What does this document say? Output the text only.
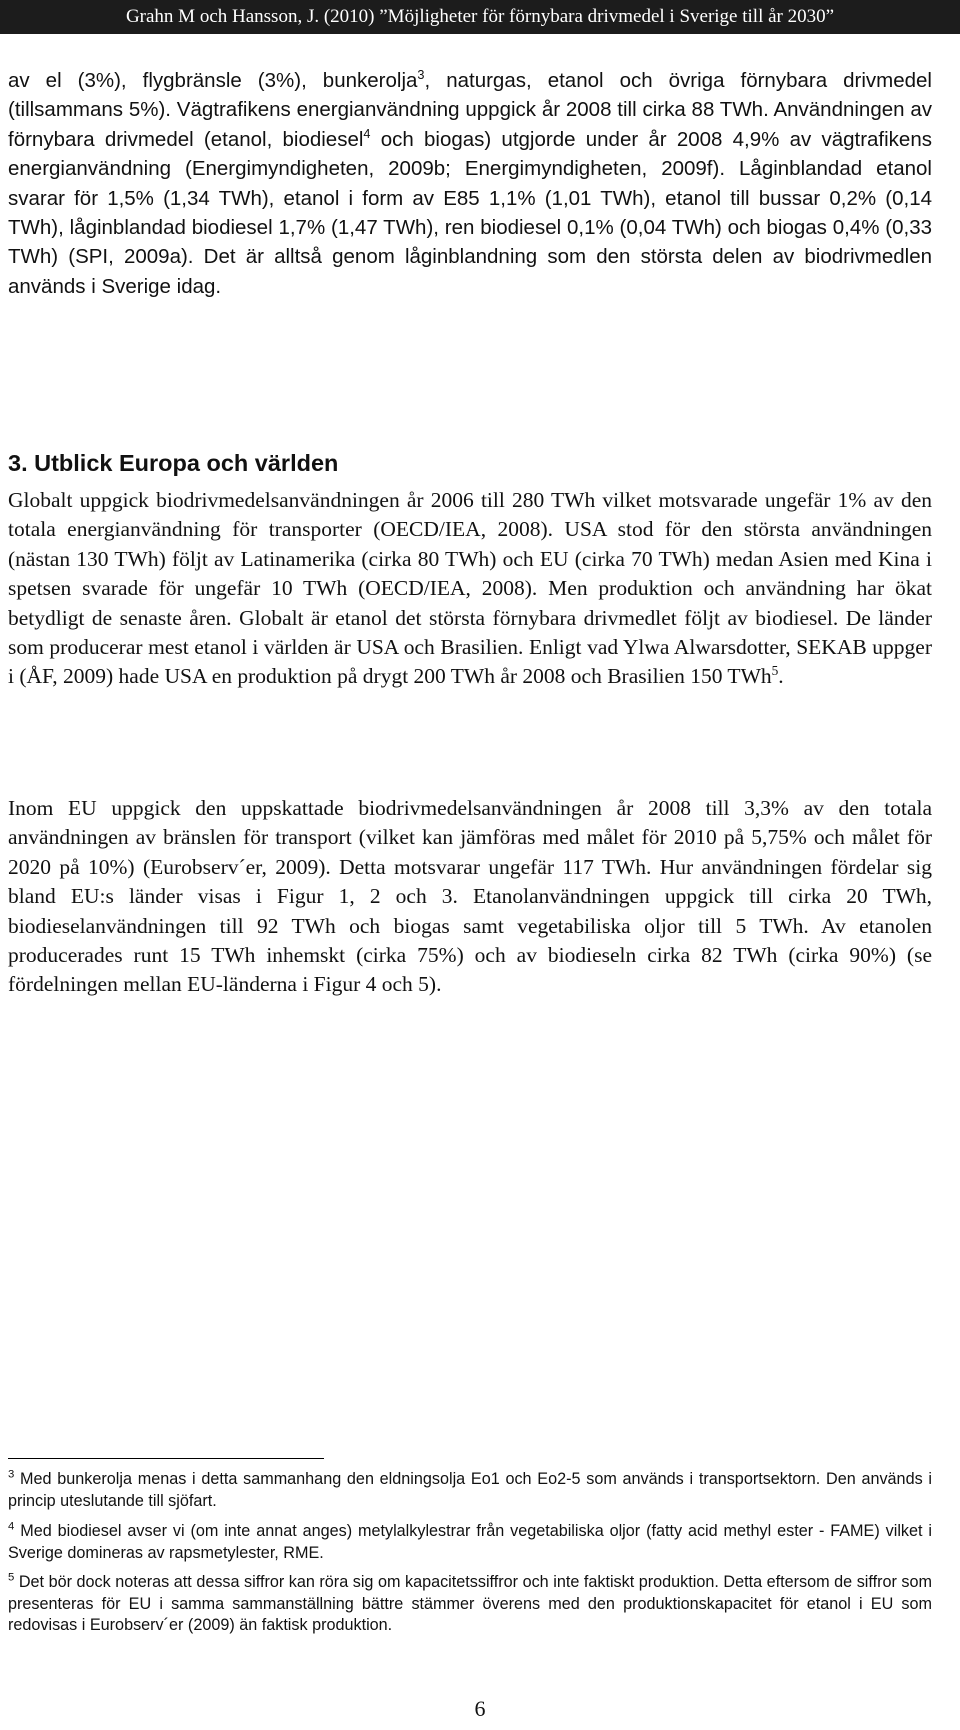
Grahn M och Hansson, J. (2010) ”Möjligheter för förnybara drivmedel i Sverige till år 2030”

av el (3%), flygbränsle (3%), bunkerolja$^3$, naturgas, etanol och övriga förnybara drivmedel (tillsammans 5%). Vägtrafikens energianvändning uppgick år 2008 till cirka 88 TWh. Användningen av förnybara drivmedel (etanol, biodiesel$^4$ och biogas) utgjorde under år 2008 4,9% av vägtrafikens energianvändning (Energimyndigheten, 2009b; Energimyndigheten, 2009f). Låginblandad etanol svarar för 1,5% (1,34 TWh), etanol i form av E85 1,1% (1,01 TWh), etanol till bussar 0,2% (0,14 TWh), låginblandad biodiesel 1,7% (1,47 TWh), ren biodiesel 0,1% (0,04 TWh) och biogas 0,4% (0,33 TWh) (SPI, 2009a). Det är alltså genom låginblandning som den största delen av biodrivmedlen används i Sverige idag.

3. Utblick Europa och världen

Globalt uppgick biodrivmedelsanvändningen år 2006 till 280 TWh vilket motsvarade ungefär 1% av den totala energianvändning för transporter (OECD/IEA, 2008). USA stod för den största användningen (nästan 130 TWh) följt av Latinamerika (cirka 80 TWh) och EU (cirka 70 TWh) medan Asien med Kina i spetsen svarade för ungefär 10 TWh (OECD/IEA, 2008). Men produktion och användning har ökat betydligt de senaste åren. Globalt är etanol det största förnybara drivmedlet följt av biodiesel. De länder som producerar mest etanol i världen är USA och Brasilien. Enligt vad Ylwa Alwarsdotter, SEKAB uppger i (ÅF, 2009) hade USA en produktion på drygt 200 TWh år 2008 och Brasilien 150 TWh$^5$.

Inom EU uppgick den uppskattade biodrivmedelsanvändningen år 2008 till 3,3% av den totala användningen av bränslen för transport (vilket kan jämföras med målet för 2010 på 5,75% och målet för 2020 på 10%) (Eurobserv´er, 2009). Detta motsvarar ungefär 117 TWh. Hur användningen fördelar sig bland EU:s länder visas i Figur 1, 2 och 3. Etanolanvändningen uppgick till cirka 20 TWh, biodieselanvändningen till 92 TWh och biogas samt vegetabiliska oljor till 5 TWh. Av etanolen producerades runt 15 TWh inhemskt (cirka 75%) och av biodieseln cirka 82 TWh (cirka 90%) (se fördelningen mellan EU-länderna i Figur 4 och 5).

$^3$ Med bunkerolja menas i detta sammanhang den eldningsolja Eo1 och Eo2-5 som används i transportsektorn. Den används i princip uteslutande till sjöfart.
$^4$ Med biodiesel avser vi (om inte annat anges) metylalkylestrar från vegetabiliska oljor (fatty acid methyl ester - FAME) vilket i Sverige domineras av rapsmetylester, RME.
$^5$ Det bör dock noteras att dessa siffror kan röra sig om kapacitetssiffror och inte faktiskt produktion. Detta eftersom de siffror som presenteras för EU i samma sammanställning bättre stämmer överens med den produktionskapacitet för etanol i EU som redovisas i Eurobserv´er (2009) än faktisk produktion.
6
